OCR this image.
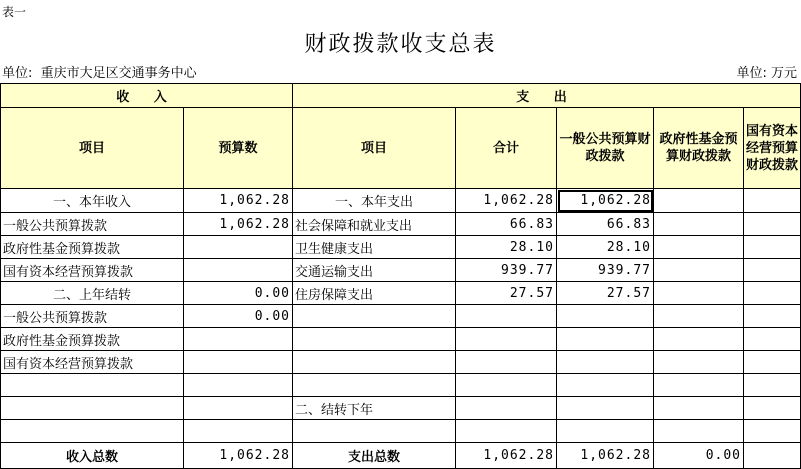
表一
财政拨款收支总表
单位:  重庆市大足区交通事务中心	单位: 万元
收 入		支 出				
项目	预算数	项目	合计	一般公共预算财政拨款	政府性基金预算财政拨款	国有资本经营预算财政拨款
一、本年收入	1,062.28	一、本年支出	1,062.28	1,062.28		
一般公共预算拨款	1,062.28	社会保障和就业支出	66.83	66.83		
政府性基金预算拨款		卫生健康支出	28.10	28.10		
国有资本经营预算拨款		交通运输支出	939.77	939.77		
二、上年结转	0.00	住房保障支出	27.57	27.57		
一般公共预算拨款	0.00					
政府性基金预算拨款						
国有资本经营预算拨款						

		二、结转下年				

收入总数	1,062.28	支出总数	1,062.28	1,062.28	0.00	
